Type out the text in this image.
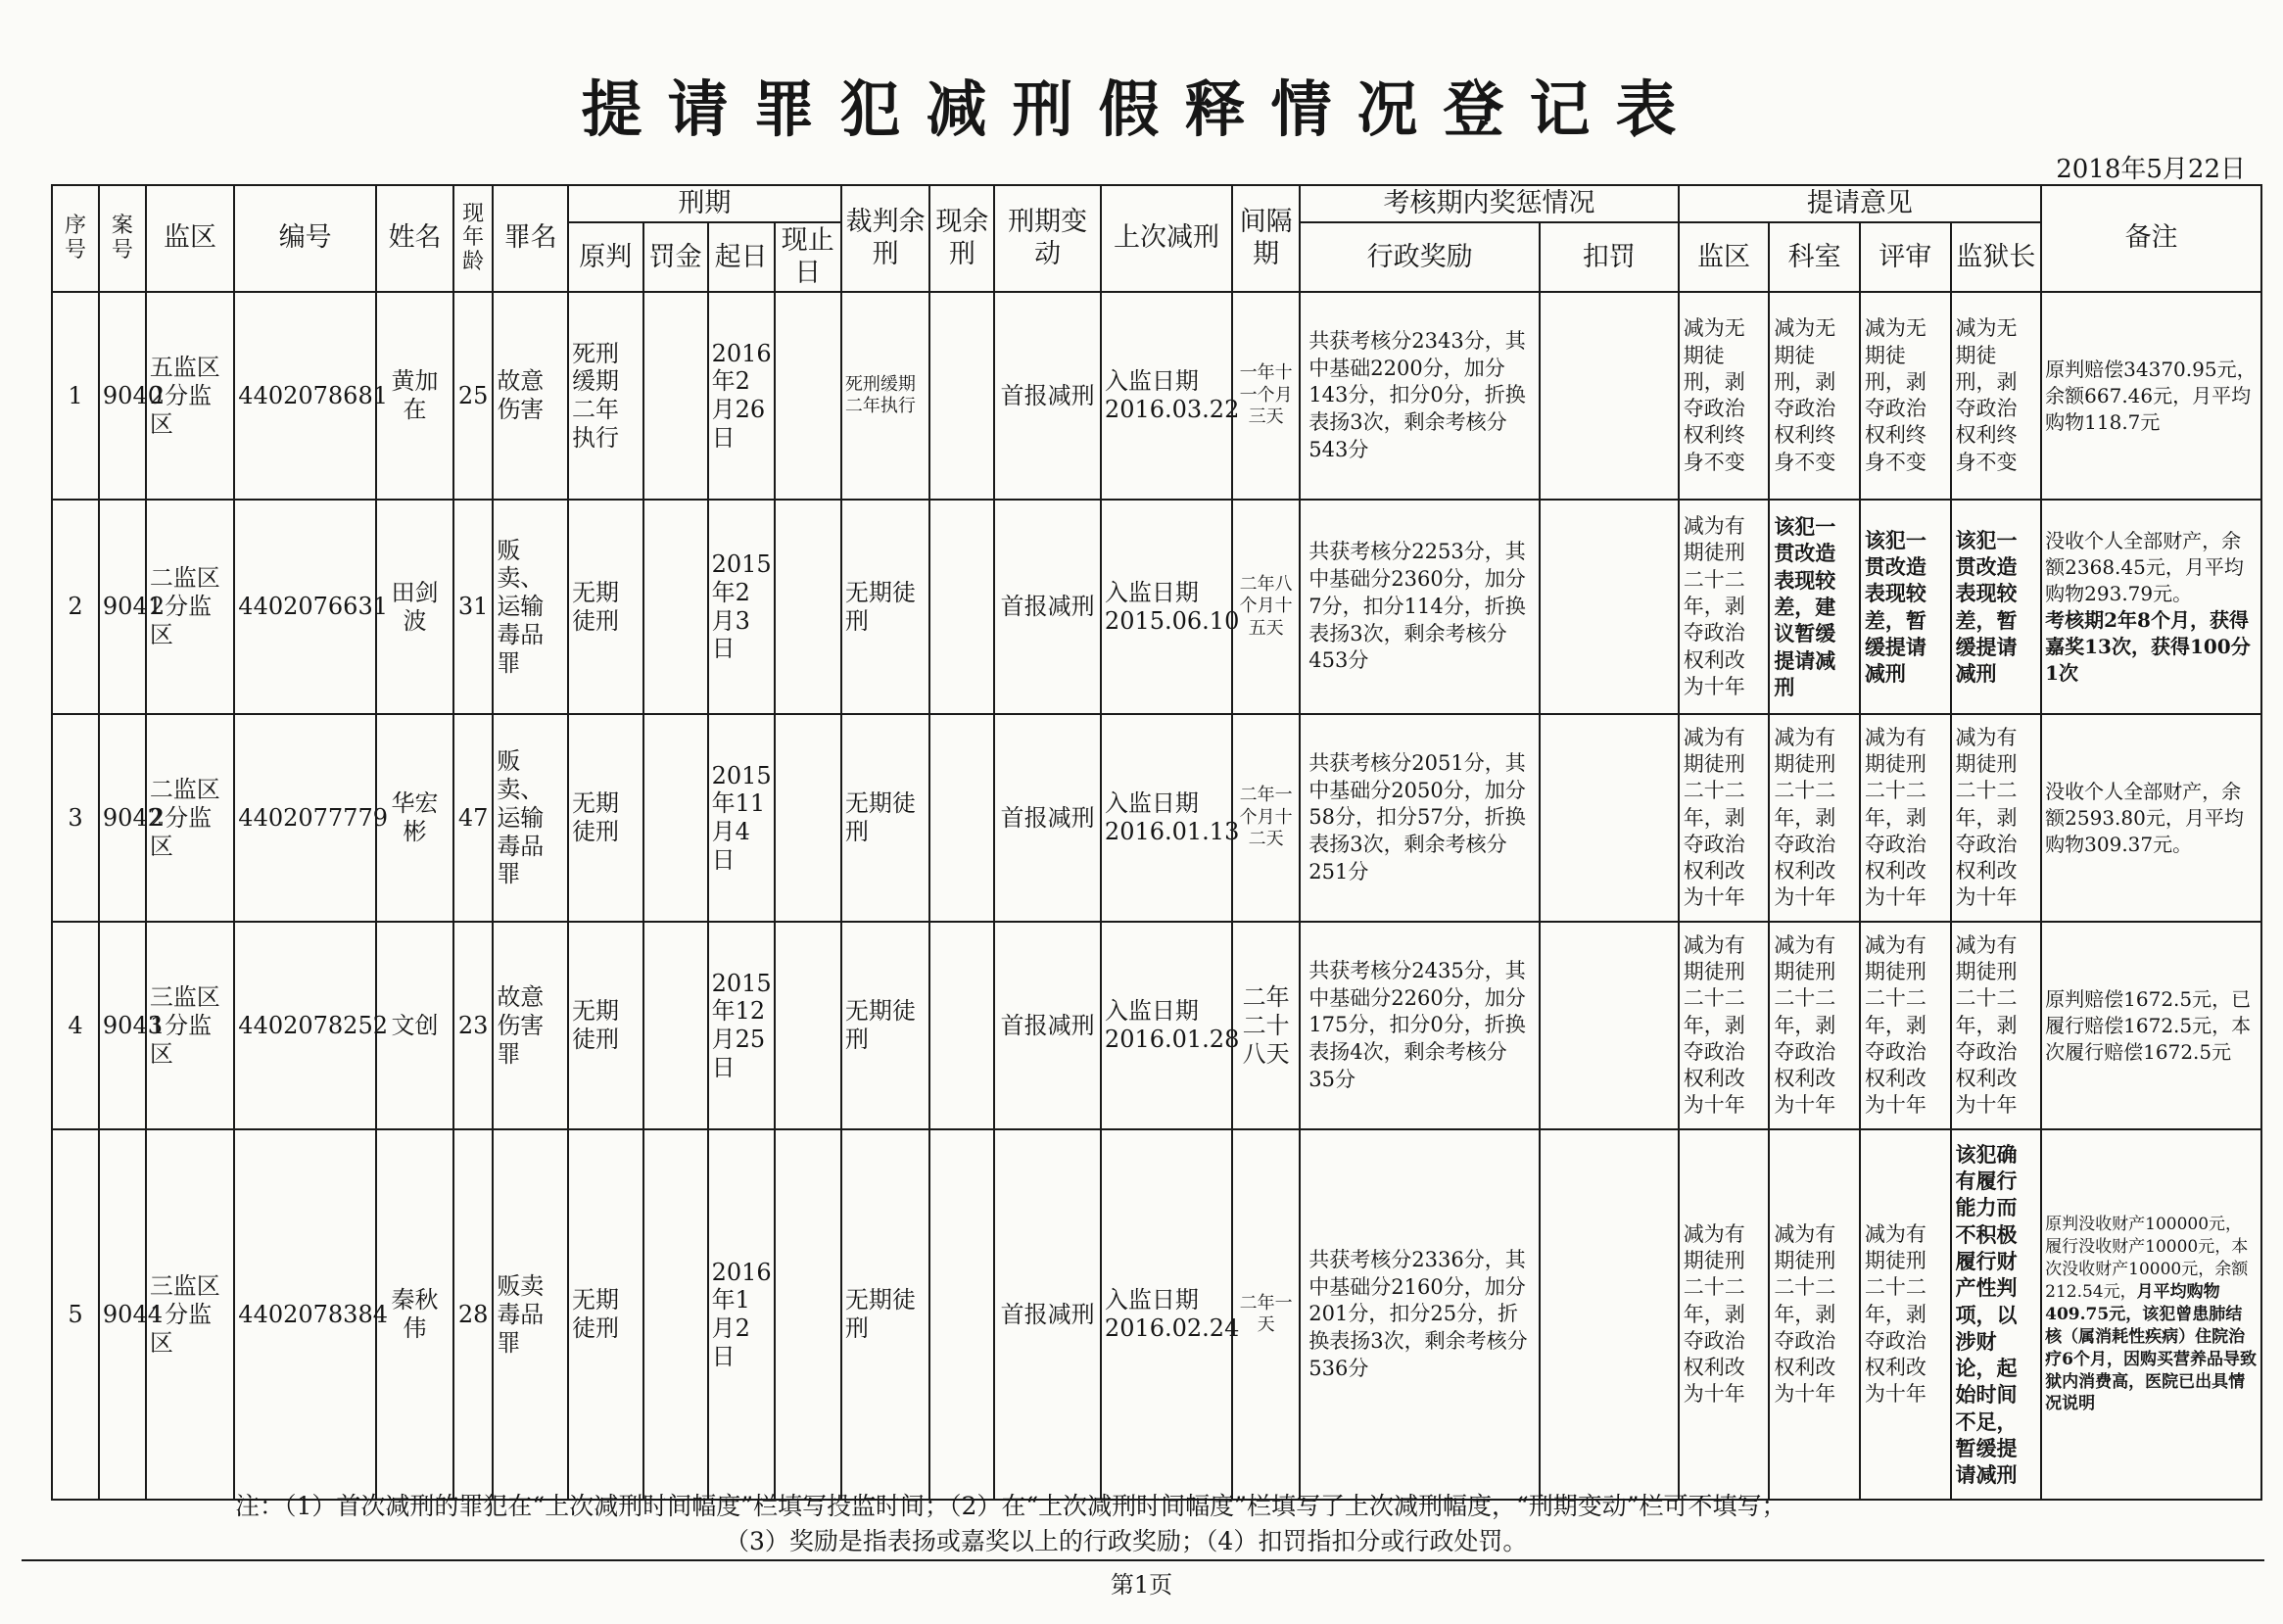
提请罪犯减刑假释情况登记表
2018年5月22日
序号	案号	监区	编号	姓名	现年龄	罪名	刑期				裁判余刑	现余刑	刑期变动	上次减刑	间隔期	考核期内奖惩情况		提请意见				备注
							原判	罚金	起日	现止日						行政奖励	扣罚	监区	科室	评审	监狱长	
1	9040	五监区2分监区	4402078681	黄加在	25	故意伤害	死刑缓期二年执行		2016年2月26日		死刑缓期二年执行		首报减刑	入监日期2016.03.22	一年十一个月三天	共获考核分2343分，其中基础2200分，加分143分，扣分0分，折换表扬3次，剩余考核分543分		减为无期徒刑，剥夺政治权利终身不变	减为无期徒刑，剥夺政治权利终身不变	减为无期徒刑，剥夺政治权利终身不变	减为无期徒刑，剥夺政治权利终身不变	原判赔偿34370.95元，余额667.46元，月平均购物118.7元
2	9041	二监区2分监区	4402076631	田剑波	31	贩卖、运输毒品罪	无期徒刑		2015年2月3日		无期徒刑		首报减刑	入监日期2015.06.10	二年八个月十五天	共获考核分2253分，其中基础分2360分，加分7分，扣分114分，折换表扬3次，剩余考核分453分		减为有期徒刑二十二年，剥夺政治权利改为十年	该犯一贯改造表现较差，建议暂缓提请减刑	该犯一贯改造表现较差，暂缓提请减刑	该犯一贯改造表现较差，暂缓提请减刑	没收个人全部财产，余额2368.45元，月平均购物293.79元。
考核期2年8个月，获得嘉奖13次，获得100分1次
3	9042	二监区2分监区	4402077779	华宏彬	47	贩卖、运输毒品罪	无期徒刑		2015年11月4日		无期徒刑		首报减刑	入监日期2016.01.13	二年一个月十二天	共获考核分2051分，其中基础分2050分，加分58分，扣分57分，折换表扬3次，剩余考核分251分		减为有期徒刑二十二年，剥夺政治权利改为十年	减为有期徒刑二十二年，剥夺政治权利改为十年	减为有期徒刑二十二年，剥夺政治权利改为十年	减为有期徒刑二十二年，剥夺政治权利改为十年	没收个人全部财产，余额2593.80元，月平均购物309.37元。
4	9043	三监区1分监区	4402078252	文创	23	故意伤害罪	无期徒刑		2015年12月25日		无期徒刑		首报减刑	入监日期2016.01.28	二年二十八天	共获考核分2435分，其中基础分2260分，加分175分，扣分0分，折换表扬4次，剩余考核分35分		减为有期徒刑二十二年，剥夺政治权利改为十年	减为有期徒刑二十二年，剥夺政治权利改为十年	减为有期徒刑二十二年，剥夺政治权利改为十年	减为有期徒刑二十二年，剥夺政治权利改为十年	原判赔偿1672.5元，已履行赔偿1672.5元，本次履行赔偿1672.5元
5	9044	三监区1分监区	4402078384	秦秋伟	28	贩卖毒品罪	无期徒刑		2016年1月2日		无期徒刑		首报减刑	入监日期2016.02.24	二年一天	共获考核分2336分，其中基础分2160分，加分201分，扣分25分，折换表扬3次，剩余考核分536分		减为有期徒刑二十二年，剥夺政治权利改为十年	减为有期徒刑二十二年，剥夺政治权利改为十年	减为有期徒刑二十二年，剥夺政治权利改为十年	该犯确有履行能力而不积极履行财产性判项，以涉财论，起始时间不足，暂缓提请减刑	原判没收财产100000元，履行没收财产10000元，本次没收财产10000元，余额212.54元，月平均购物409.75元，该犯曾患肺结核（属消耗性疾病）住院治疗6个月，因购买营养品导致狱内消费高，医院已出具情况说明
注：（1）首次减刑的罪犯在“上次减刑时间幅度”栏填写投监时间；（2）在“上次减刑时间幅度”栏填写了上次减刑幅度，“刑期变动”栏可不填写；
（3）奖励是指表扬或嘉奖以上的行政奖励；（4）扣罚指扣分或行政处罚。
第1页
